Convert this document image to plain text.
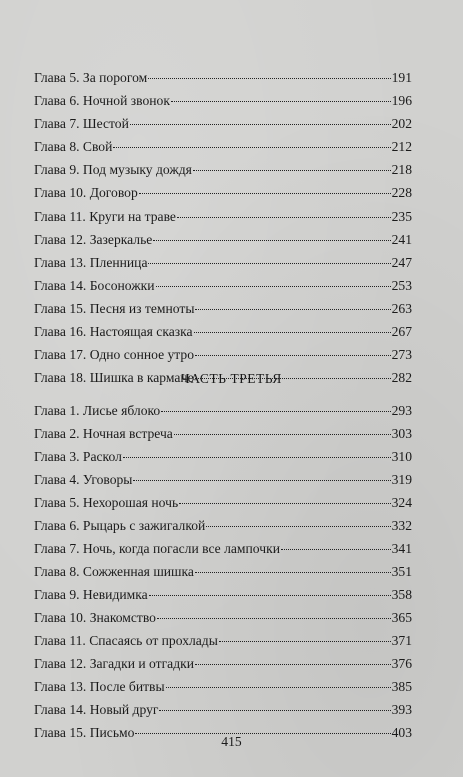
Глава 5. За порогом	191
Глава 6. Ночной звонок	196
Глава 7. Шестой	202
Глава 8. Свой	212
Глава 9. Под музыку дождя	218
Глава 10. Договор	228
Глава 11. Круги на траве	235
Глава 12. Зазеркалье	241
Глава 13. Пленница	247
Глава 14. Босоножки	253
Глава 15. Песня из темноты	263
Глава 16. Настоящая сказка	267
Глава 17. Одно сонное утро	273
Глава 18. Шишка в кармане	282
ЧАСТЬ ТРЕТЬЯ
Глава 1. Лисье яблоко	293
Глава 2. Ночная встреча	303
Глава 3. Раскол	310
Глава 4. Уговоры	319
Глава 5. Нехорошая ночь	324
Глава 6. Рыцарь с зажигалкой	332
Глава 7. Ночь, когда погасли все лампочки	341
Глава 8. Сожженная шишка	351
Глава 9. Невидимка	358
Глава 10. Знакомство	365
Глава 11. Спасаясь от прохлады	371
Глава 12. Загадки и отгадки	376
Глава 13. После битвы	385
Глава 14. Новый друг	393
Глава 15. Письмо	403
415
